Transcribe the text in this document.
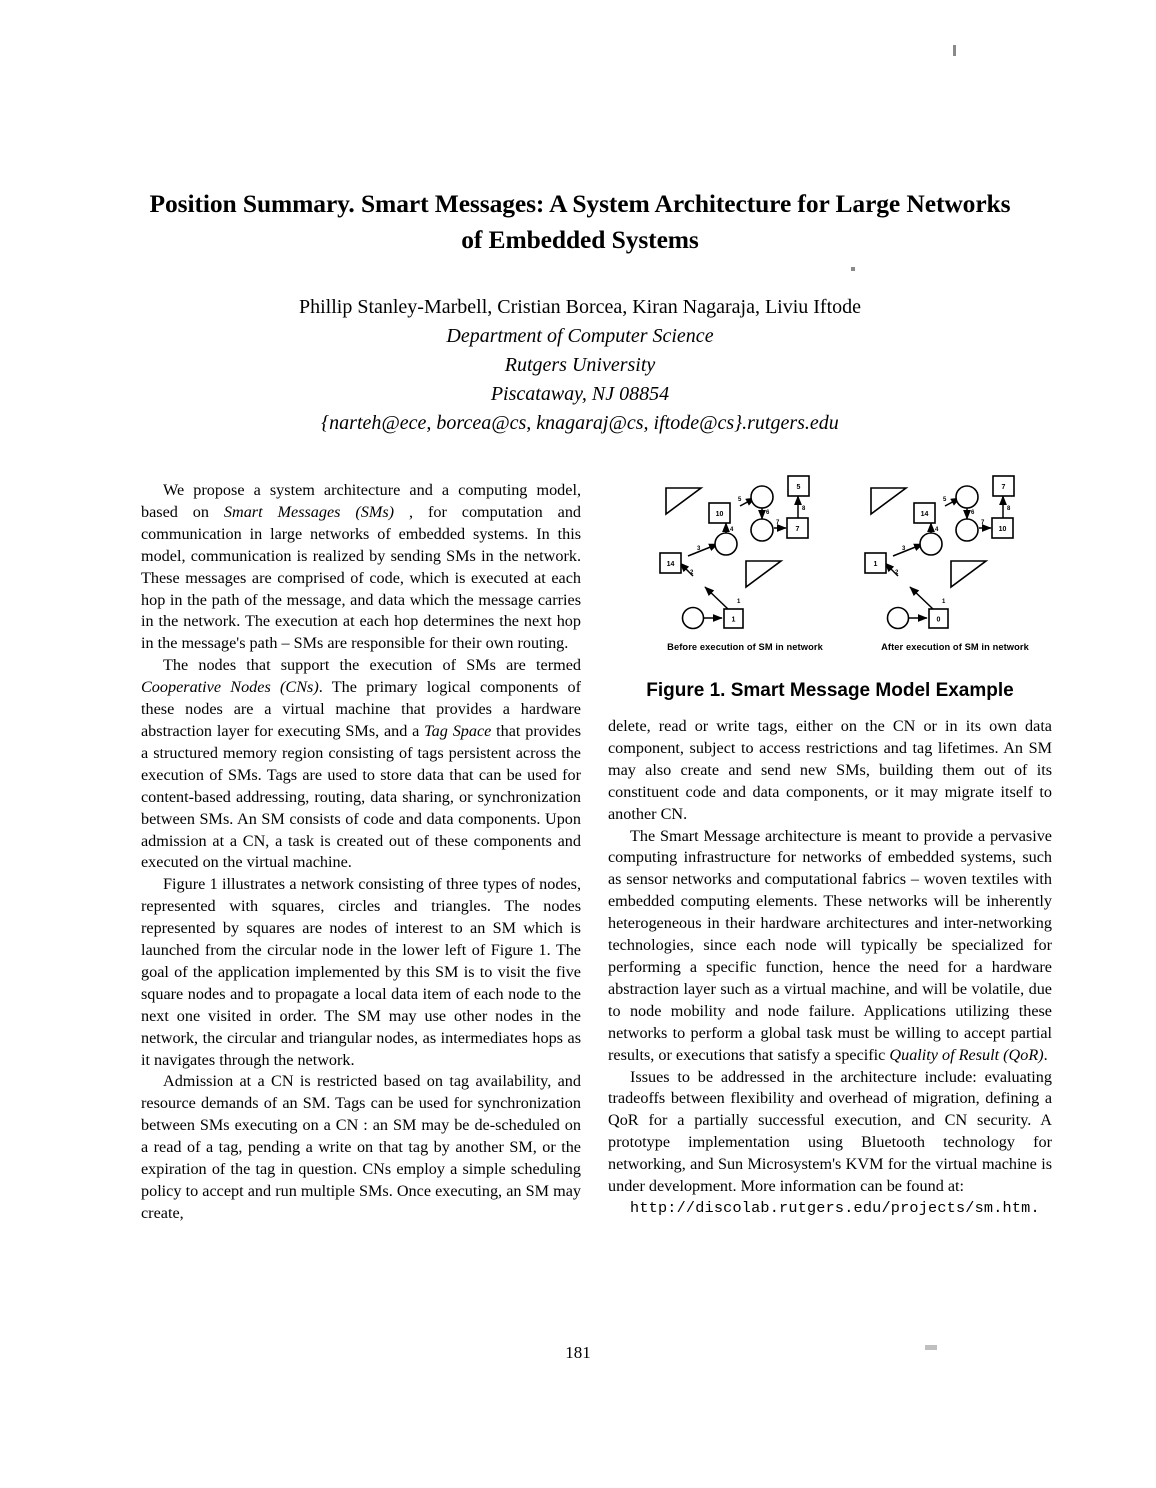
Position Summary. Smart Messages: A System Architecture for Large Networks
of Embedded Systems
Phillip Stanley-Marbell, Cristian Borcea, Kiran Nagaraja, Liviu Iftode
Department of Computer Science
Rutgers University
Piscataway, NJ 08854
{narteh@ece, borcea@cs, knagaraj@cs, iftode@cs}.rutgers.edu

We propose a system architecture and a computing model, based on Smart Messages (SMs) , for computation and communication in large networks of embedded systems. In this model, communication is realized by sending SMs in the network. These messages are comprised of code, which is executed at each hop in the path of the message, and data which the message carries in the network. The execution at each hop determines the next hop in the message's path – SMs are responsible for their own routing.

The nodes that support the execution of SMs are termed Cooperative Nodes (CNs). The primary logical components of these nodes are a virtual machine that provides a hardware abstraction layer for executing SMs, and a Tag Space that provides a structured memory region consisting of tags persistent across the execution of SMs. Tags are used to store data that can be used for content-based addressing, routing, data sharing, or synchronization between SMs. An SM consists of code and data components. Upon admission at a CN, a task is created out of these components and executed on the virtual machine.

Figure 1 illustrates a network consisting of three types of nodes, represented with squares, circles and triangles. The nodes represented by squares are nodes of interest to an SM which is launched from the circular node in the lower left of Figure 1. The goal of the application implemented by this SM is to visit the five square nodes and to propagate a local data item of each node to the next one visited in order. The SM may use other nodes in the network, the circular and triangular nodes, as intermediates hops as it navigates through the network.

Admission at a CN is restricted based on tag availability, and resource demands of an SM. Tags can be used for synchronization between SMs executing on a CN : an SM may be de-scheduled on a read of a tag, pending a write on that tag by another SM, or the expiration of the tag in question. CNs employ a simple scheduling policy to accept and run multiple SMs. Once executing, an SM may create,

1
14
10
7
5
1
2
3
4
5
6
7
8
0
1
14
10
7
1
2
3
4
5
6
7
8
Before execution of SM in network	After execution of SM in network
Figure 1. Smart Message Model Example

delete, read or write tags, either on the CN or in its own data component, subject to access restrictions and tag lifetimes. An SM may also create and send new SMs, building them out of its constituent code and data components, or it may migrate itself to another CN.

The Smart Message architecture is meant to provide a pervasive computing infrastructure for networks of embedded systems, such as sensor networks and computational fabrics – woven textiles with embedded computing elements. These networks will be inherently heterogeneous in their hardware architectures and inter-networking technologies, since each node will typically be specialized for performing a specific function, hence the need for a hardware abstraction layer such as a virtual machine, and will be volatile, due to node mobility and node failure. Applications utilizing these networks to perform a global task must be willing to accept partial results, or executions that satisfy a specific Quality of Result (QoR).

Issues to be addressed in the architecture include: evaluating tradeoffs between flexibility and overhead of migration, defining a QoR for a partially successful execution, and CN security. A prototype implementation using Bluetooth technology for networking, and Sun Microsystem's KVM for the virtual machine is under development. More information can be found at:

http://discolab.rutgers.edu/projects/sm.htm.

181
